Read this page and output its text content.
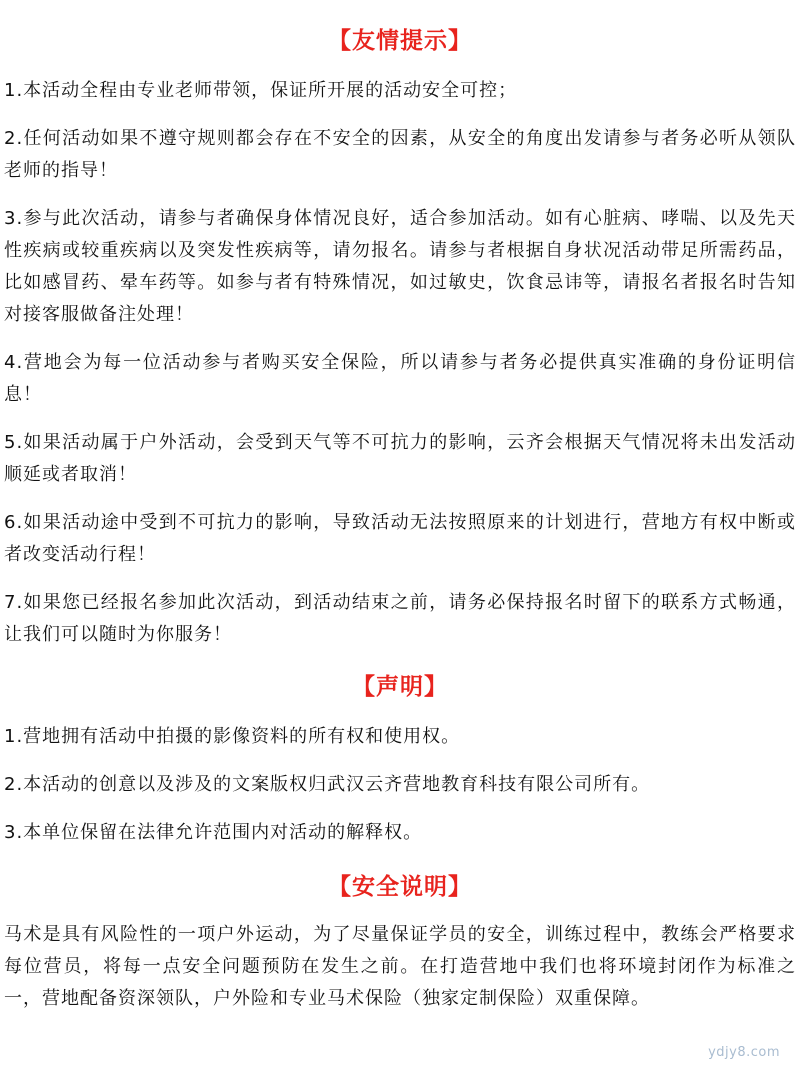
【友情提示】
1.本活动全程由专业老师带领，保证所开展的活动安全可控；
2.任何活动如果不遵守规则都会存在不安全的因素，从安全的角度出发请参与者务必听从领队老师的指导！
3.参与此次活动，请参与者确保身体情况良好，适合参加活动。如有心脏病、哮喘、以及先天性疾病或较重疾病以及突发性疾病等，请勿报名。请参与者根据自身状况活动带足所需药品，比如感冒药、晕车药等。如参与者有特殊情况，如过敏史，饮食忌讳等，请报名者报名时告知对接客服做备注处理！
4.营地会为每一位活动参与者购买安全保险，所以请参与者务必提供真实准确的身份证明信息！
5.如果活动属于户外活动，会受到天气等不可抗力的影响，云齐会根据天气情况将未出发活动顺延或者取消！
6.如果活动途中受到不可抗力的影响，导致活动无法按照原来的计划进行，营地方有权中断或者改变活动行程！
7.如果您已经报名参加此次活动，到活动结束之前，请务必保持报名时留下的联系方式畅通，让我们可以随时为你服务！
【声明】
1.营地拥有活动中拍摄的影像资料的所有权和使用权。
2.本活动的创意以及涉及的文案版权归武汉云齐营地教育科技有限公司所有。
3.本单位保留在法律允许范围内对活动的解释权。
【安全说明】

马术是具有风险性的一项户外运动，为了尽量保证学员的安全，训练过程中，教练会严格要求每位营员，将每一点安全问题预防在发生之前。在打造营地中我们也将环境封闭作为标准之一，营地配备资深领队，户外险和专业马术保险（独家定制保险）双重保障。

ydjy8.com
